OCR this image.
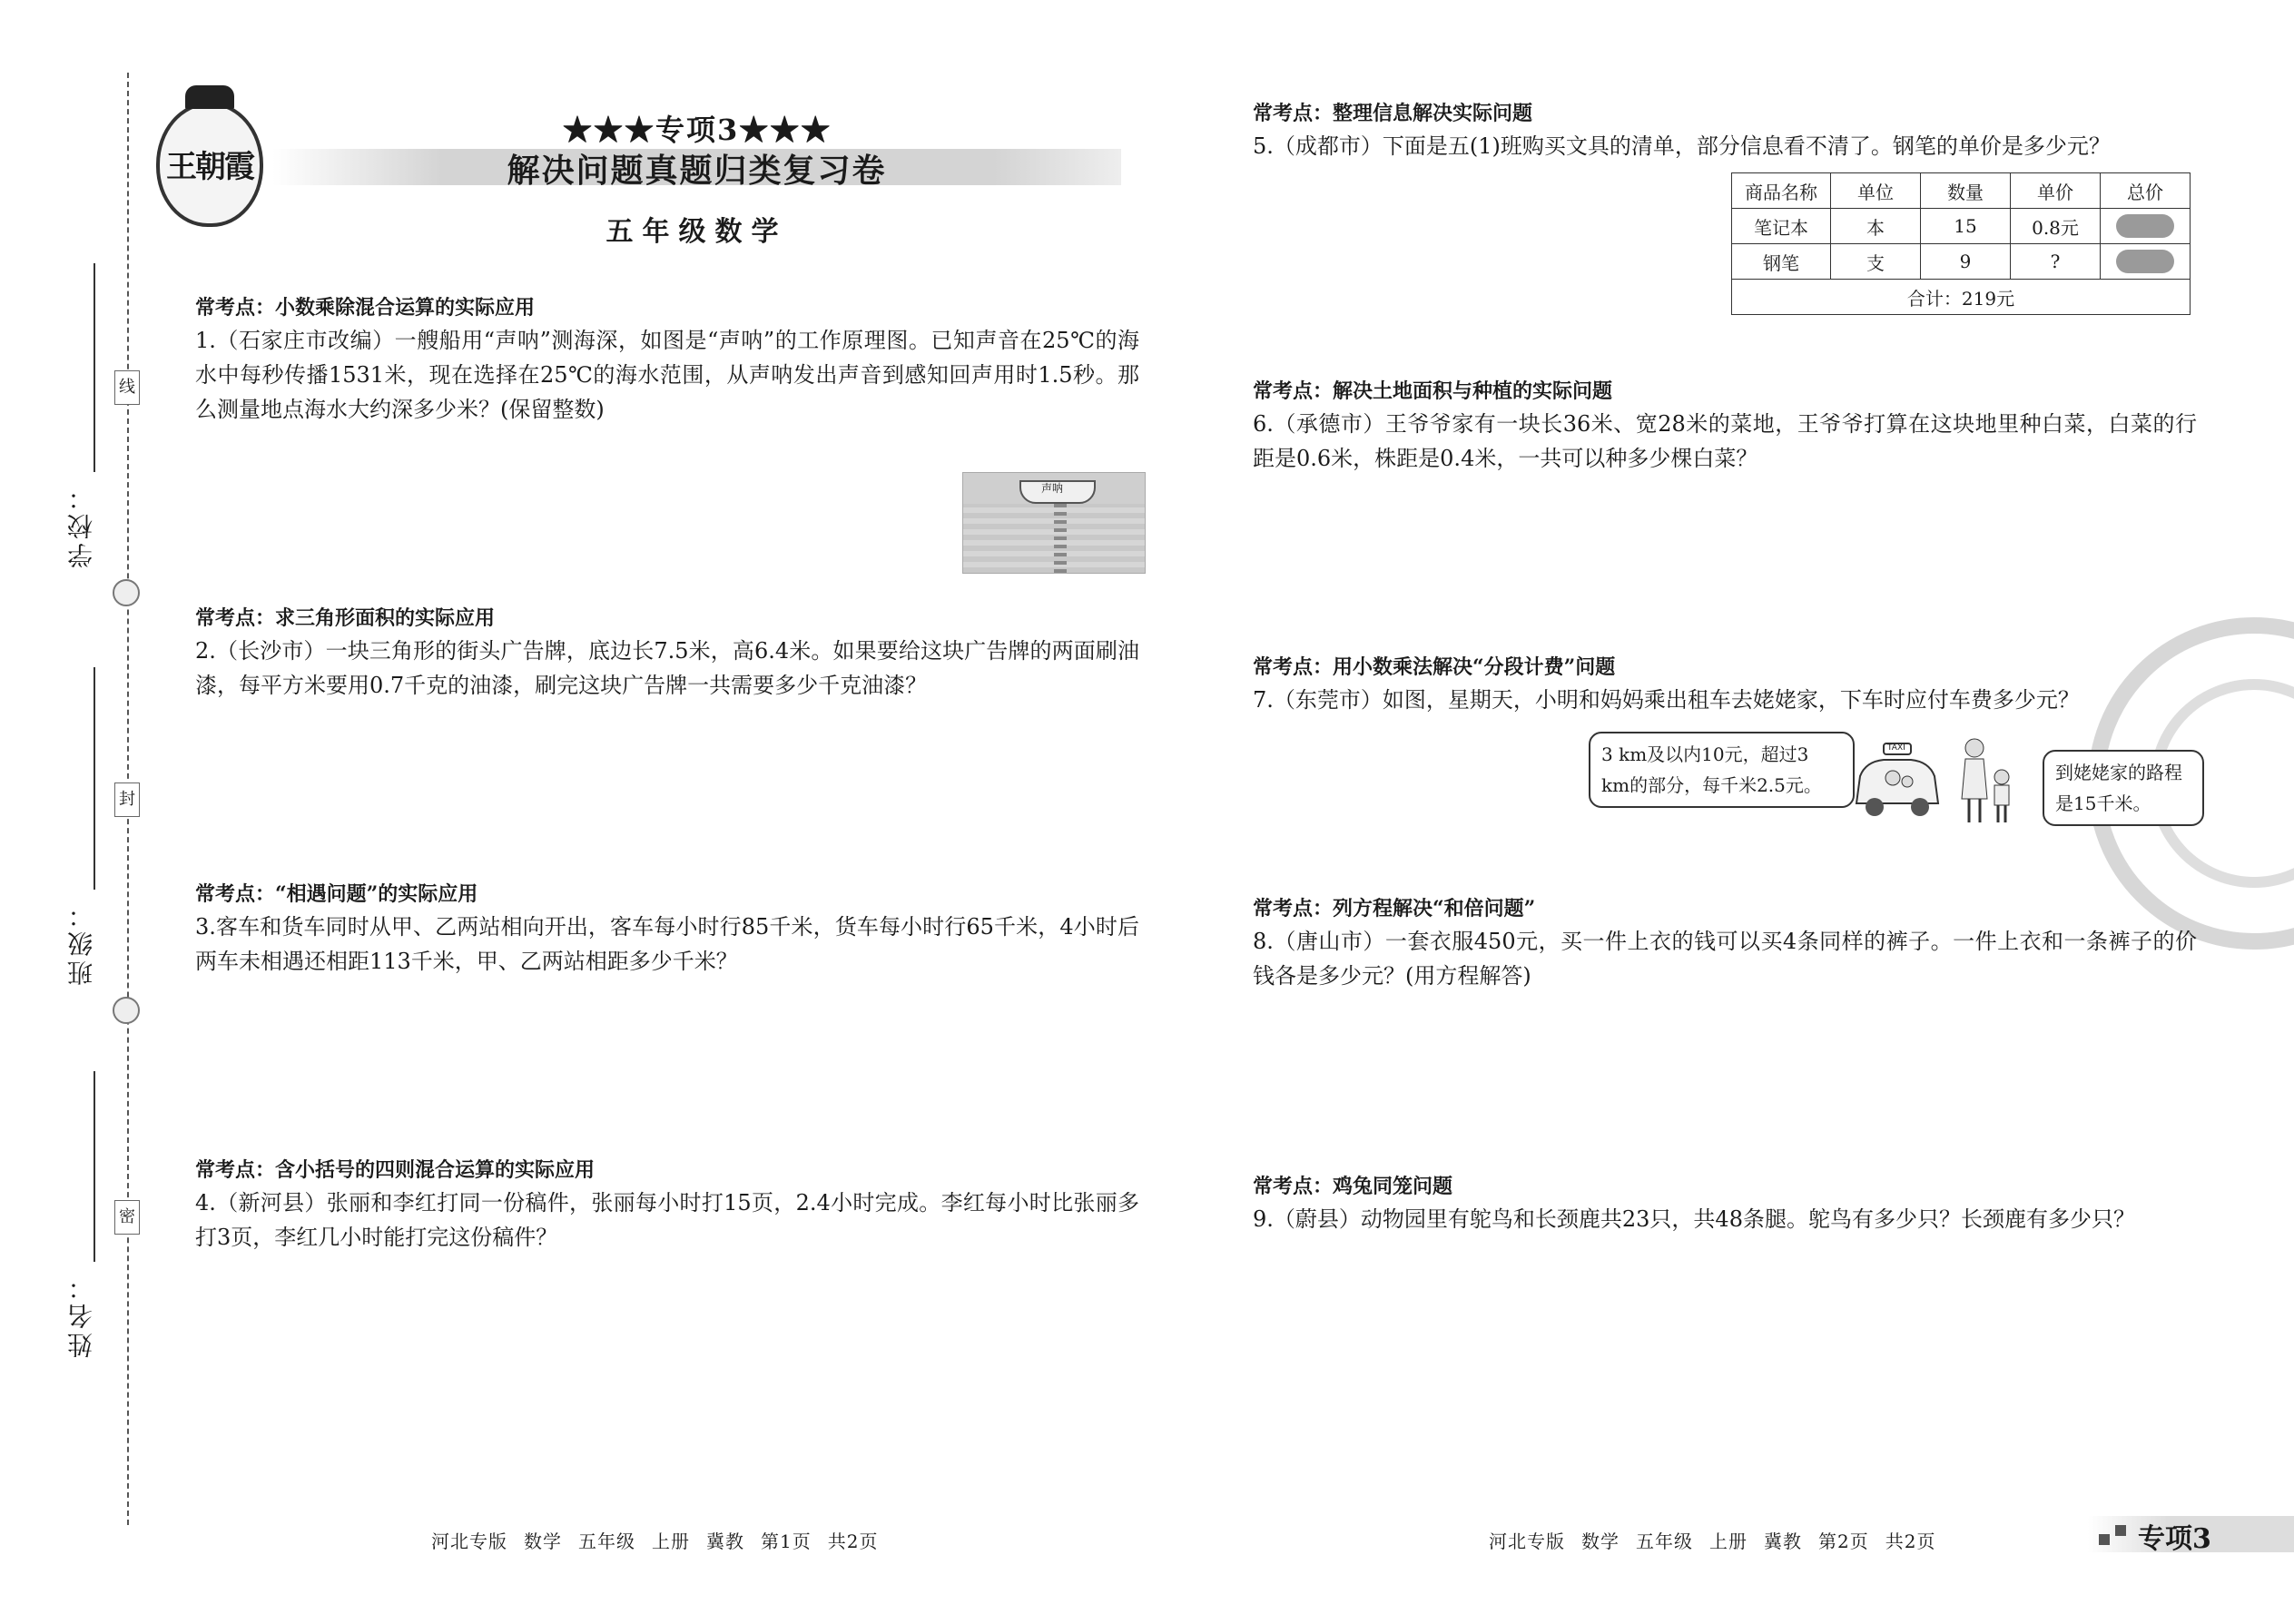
学校：
班级：
姓名：
线
封
密
王朝霞
★★★专项3★★★
解决问题真题归类复习卷
五年级数学
常考点：小数乘除混合运算的实际应用
1.（石家庄市改编）一艘船用“声呐”测海深，如图是“声呐”的工作原理图。已知声音在25℃的海水中每秒传播1531米，现在选择在25℃的海水范围，从声呐发出声音到感知回声用时1.5秒。那么测量地点海水大约深多少米？(保留整数)
声呐
常考点：求三角形面积的实际应用
2.（长沙市）一块三角形的街头广告牌，底边长7.5米，高6.4米。如果要给这块广告牌的两面刷油漆，每平方米要用0.7千克的油漆，刷完这块广告牌一共需要多少千克油漆？
常考点：“相遇问题”的实际应用
3.客车和货车同时从甲、乙两站相向开出，客车每小时行85千米，货车每小时行65千米，4小时后两车未相遇还相距113千米，甲、乙两站相距多少千米？
常考点：含小括号的四则混合运算的实际应用
4.（新河县）张丽和李红打同一份稿件，张丽每小时打15页，2.4小时完成。李红每小时比张丽多打3页，李红几小时能打完这份稿件？
常考点：整理信息解决实际问题
5.（成都市）下面是五(1)班购买文具的清单，部分信息看不清了。钢笔的单价是多少元？
商品名称	单位	数量	单价	总价
笔记本	本	15	0.8元	
钢笔	支	9	?	
合计：219元				
常考点：解决土地面积与种植的实际问题
6.（承德市）王爷爷家有一块长36米、宽28米的菜地，王爷爷打算在这块地里种白菜，白菜的行距是0.6米，株距是0.4米，一共可以种多少棵白菜？
常考点：用小数乘法解决“分段计费”问题
7.（东莞市）如图，星期天，小明和妈妈乘出租车去姥姥家，下车时应付车费多少元？
3 km及以内10元，超过3 km的部分，每千米2.5元。
TAXI
到姥姥家的路程是15千米。
常考点：列方程解决“和倍问题”
8.（唐山市）一套衣服450元，买一件上衣的钱可以买4条同样的裤子。一件上衣和一条裤子的价钱各是多少元？(用方程解答)
常考点：鸡兔同笼问题
9.（蔚县）动物园里有鸵鸟和长颈鹿共23只，共48条腿。鸵鸟有多少只？长颈鹿有多少只？
河北专版 数学 五年级 上册 冀教 第1页 共2页	河北专版 数学 五年级 上册 冀教 第2页 共2页	专项3
